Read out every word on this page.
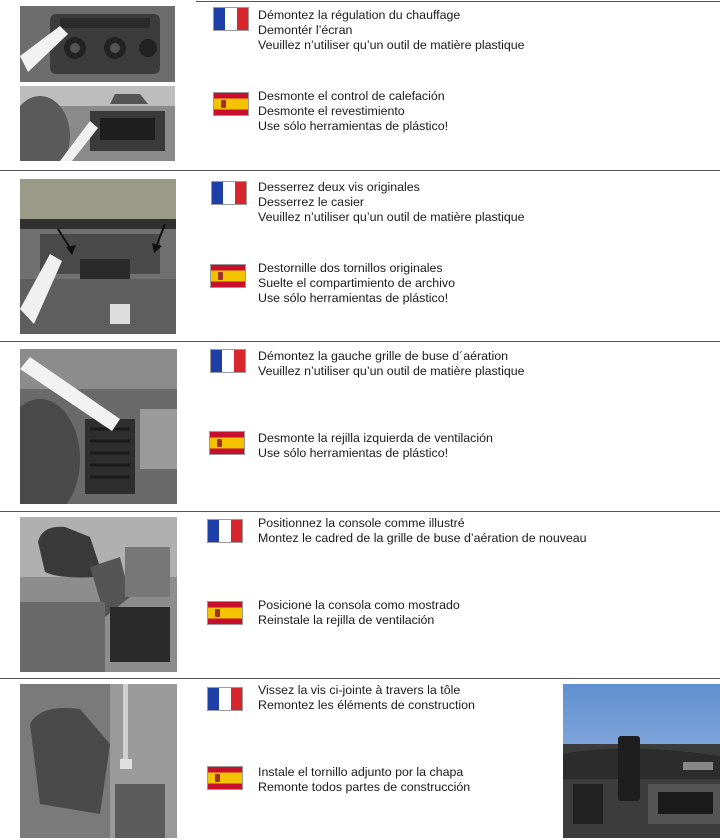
Démontez la régulation du chauffage
Demontér l’écran
Veuillez n’utiliser qu’un outil de matière plastique
Desmonte el control de calefación
Desmonte el revestimiento
Use sólo herramientas de plástico!
Desserrez deux vis originales
Desserrez le casier
Veuillez n’utiliser qu’un outil de matière plastique
Destornille dos tornillos originales
Suelte el compartimiento de archivo
Use sólo herramientas de plástico!
Démontez la gauche grille de buse d´aération
Veuillez n’utiliser qu’un outil de matière plastique
Desmonte la rejilla izquierda de ventilación
Use sólo herramientas de plástico!
Positionnez la console comme illustré
Montez le cadred de la grille de buse d’aération de nouveau
Posicione la consola como mostrado
Reinstale la rejilla de ventilación
Vissez la vis ci-jointe à travers la tôle
Remontez les éléments de construction
Instale el tornillo adjunto por la chapa
Remonte todos partes de construcción
